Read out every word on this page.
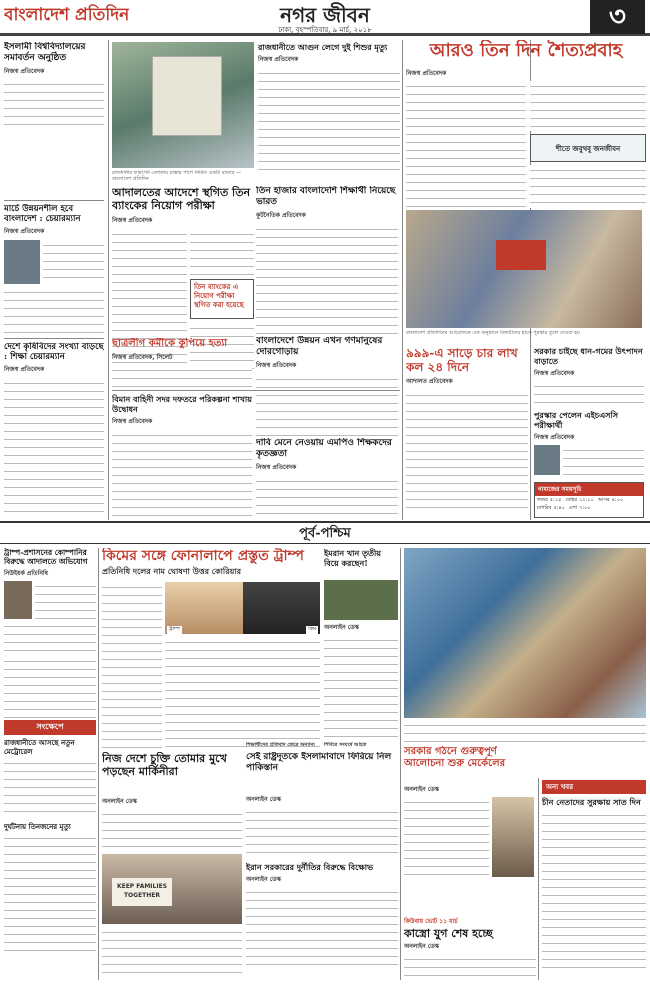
বাংলাদেশ প্রতিদিন	নগর জীবন
ঢাকা, বৃহস্পতিবার, ৯ মার্চ, ২০১৮	৩
ইসলামী বিশ্ববিদ্যালয়ের সমাবর্তন অনুষ্ঠিত
নিজস্ব প্রতিবেদক
মার্চে উন্নয়নশীল হবে বাংলাদেশ : চেয়ারম্যান
নিজস্ব প্রতিবেদক
দেশে কৃষিবিদের সংখ্যা বাড়ছে : শিক্ষা চেয়ারম্যান
নিজস্ব প্রতিবেদক
রাজধানীর ফার্মগেট এলাকায় রাস্তার পাশে নির্মিত একটি ব্যানার — বাংলাদেশ প্রতিদিন
আদালতের আদেশে স্থগিত তিন ব্যাংকের নিয়োগ পরীক্ষা
নিজস্ব প্রতিবেদক
তিন ব্যাংকের এ নিয়োগ পরীক্ষা স্থগিত করা হয়েছে
তিন হাজার বাংলাদেশি শিক্ষার্থী নিয়েছে ভারত
কূটনৈতিক প্রতিবেদক
রাজধানীতে আগুন লেগে দুই শিশুর মৃত্যু
নিজস্ব প্রতিবেদক	আরও তিন দিন শৈত্যপ্রবাহ
নিজস্ব প্রতিবেদক
শীতে জবুথবু জনজীবন
বাংলাদেশে উন্নয়ন এখন গণমানুষের দোরগোড়ায়
নিজস্ব প্রতিবেদক
বাংলাদেশ প্রতিদিনের আয়োজনে এক অনুষ্ঠানে বিজয়ীদের হাতে পুরস্কার তুলে দেওয়া হয়
৯৯৯-এ সাড়ে চার লাখ কল ২৪ দিনে
আদালত প্রতিবেদক
সরকার চাইছে ধান-গমের উৎপাদন বাড়াতে
নিজস্ব প্রতিবেদক
পুরস্কার পেলেন এইচএসসি পরীক্ষার্থী
নিজস্ব প্রতিবেদক
নামাজের সময়সূচি
ফজর ৫:১৫ যোহর ১২:১০ আসর ৪:০০
মাগরিব ৫:৪০ এশা ৭:০০
বিমান বাহিনী সদর দফতরে পরিকল্পনা শাখায় উদ্বোধন
নিজস্ব প্রতিবেদক
দাবি মেনে নেওয়ায় এমপিও শিক্ষকদের কৃতজ্ঞতা
নিজস্ব প্রতিবেদক
পূর্ব-পশ্চিম
ট্রাম্প-প্রশাসনের কোম্পানির বিরুদ্ধে আদালতে অভিযোগ
নিউইয়র্ক প্রতিনিধি
সংক্ষেপে
রাজধানীতে আসছে নতুন মেট্রোরেল
দুর্ঘটনায় তিনজনের মৃত্যু
কিমের সঙ্গে ফোনালাপে প্রস্তুত ট্রাম্প
প্রতিনিধি দলের নাম ঘোষণা উত্তর কোরিয়ার
ট্রাম্প	কিম
ইমরান খান তৃতীয় বিয়ে করছেন!
অনলাইন ডেস্ক
সরকার গঠনে গুরুত্বপূর্ণ আলোচনা শুরু মের্কেলের
অনলাইন ডেস্ক	অন্য খবর
চীন নেতাদের সুরক্ষায় সাত দিন
নিজ দেশে চুক্তি তোমার মুখে পড়ছেন মার্কিনীরা
অনলাইন ডেস্ক
KEEP FAMILIES TOGETHER
সেই রাষ্ট্রদূতকে ইসলামাবাদে ফিরিয়ে নিল পাকিস্তান
অনলাইন ডেস্ক
ইরান সরকারের দুর্নীতির বিরুদ্ধে বিক্ষোভ
অনলাইন ডেস্ক
কিউবায় ভোট ১১ মার্চ
কাস্ত্রো যুগ শেষ হচ্ছে
অনলাইন ডেস্ক
ছাত্রলীগ কর্মীকে কুপিয়ে হত্যা
নিজস্ব প্রতিবেদক, সিলেট
শিবিরে সংঘর্ষে আহত
শিক্ষার্থীদের প্রতিবাদ জেরে অন্যান্য
